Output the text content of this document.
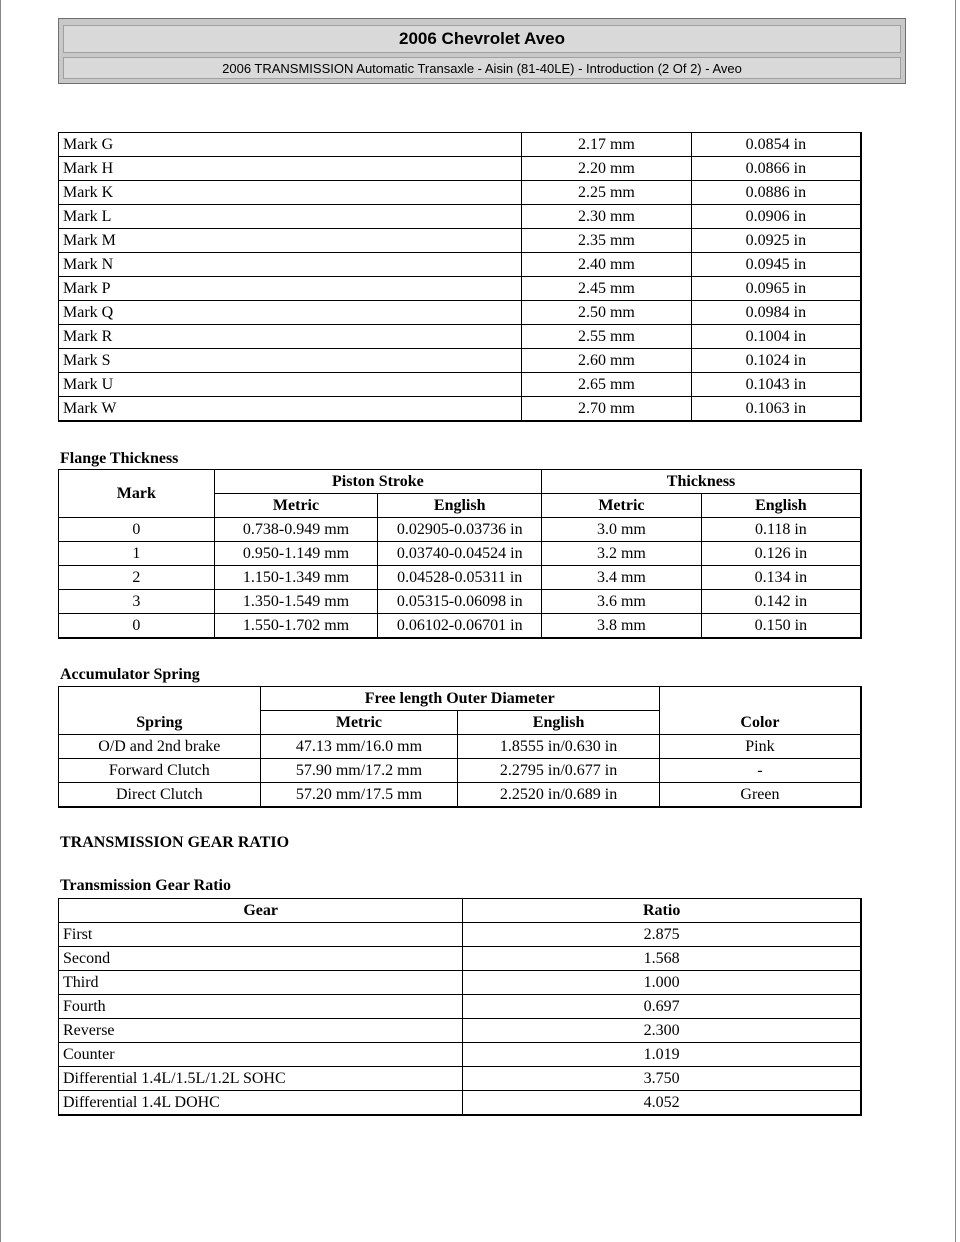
2006 Chevrolet Aveo
2006 TRANSMISSION Automatic Transaxle - Aisin (81-40LE) - Introduction (2 Of 2) - Aveo
Mark G	2.17 mm	0.0854 in
Mark H	2.20 mm	0.0866 in
Mark K	2.25 mm	0.0886 in
Mark L	2.30 mm	0.0906 in
Mark M	2.35 mm	0.0925 in
Mark N	2.40 mm	0.0945 in
Mark P	2.45 mm	0.0965 in
Mark Q	2.50 mm	0.0984 in
Mark R	2.55 mm	0.1004 in
Mark S	2.60 mm	0.1024 in
Mark U	2.65 mm	0.1043 in
Mark W	2.70 mm	0.1063 in
Flange Thickness
Mark	Piston Stroke		Thickness	
	Metric	English	Metric	English
0	0.738-0.949 mm	0.02905-0.03736 in	3.0 mm	0.118 in
1	0.950-1.149 mm	0.03740-0.04524 in	3.2 mm	0.126 in
2	1.150-1.349 mm	0.04528-0.05311 in	3.4 mm	0.134 in
3	1.350-1.549 mm	0.05315-0.06098 in	3.6 mm	0.142 in
0	1.550-1.702 mm	0.06102-0.06701 in	3.8 mm	0.150 in
Accumulator Spring
Spring	Free length Outer Diameter		Color
	Metric	English	
O/D and 2nd brake	47.13 mm/16.0 mm	1.8555 in/0.630 in	Pink
Forward Clutch	57.90 mm/17.2 mm	2.2795 in/0.677 in	-
Direct Clutch	57.20 mm/17.5 mm	2.2520 in/0.689 in	Green
TRANSMISSION GEAR RATIO
Transmission Gear Ratio
Gear	Ratio
First	2.875
Second	1.568
Third	1.000
Fourth	0.697
Reverse	2.300
Counter	1.019
Differential 1.4L/1.5L/1.2L SOHC	3.750
Differential 1.4L DOHC	4.052
